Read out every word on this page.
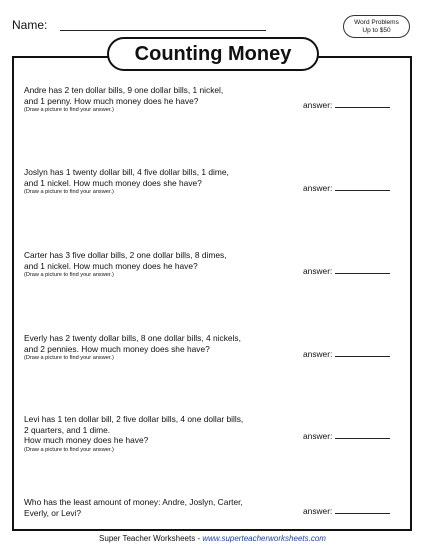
Name:	Word Problems
Up to $50
Counting Money
Andre has 2 ten dollar bills, 9 one dollar bills, 1 nickel,
and 1 penny. How much money does he have?
(Draw a picture to find your answer.)	answer:
Joslyn has 1 twenty dollar bill, 4 five dollar bills, 1 dime,
and 1 nickel. How much money does she have?
(Draw a picture to find your answer.)	answer:
Carter has 3 five dollar bills, 2 one dollar bills, 8 dimes,
and 1 nickel. How much money does he have?
(Draw a picture to find your answer.)	answer:
Everly has 2 twenty dollar bills, 8 one dollar bills, 4 nickels,
and 2 pennies. How much money does she have?
(Draw a picture to find your answer.)	answer:
Levi has 1 ten dollar bill, 2 five dollar bills, 4 one dollar bills,
2 quarters, and 1 dime.
How much money does he have?
(Draw a picture to find your answer.)
answer:
Who has the least amount of money: Andre, Joslyn, Carter,
Everly, or Levi?	answer:
Super Teacher Worksheets - www.superteacherworksheets.com
